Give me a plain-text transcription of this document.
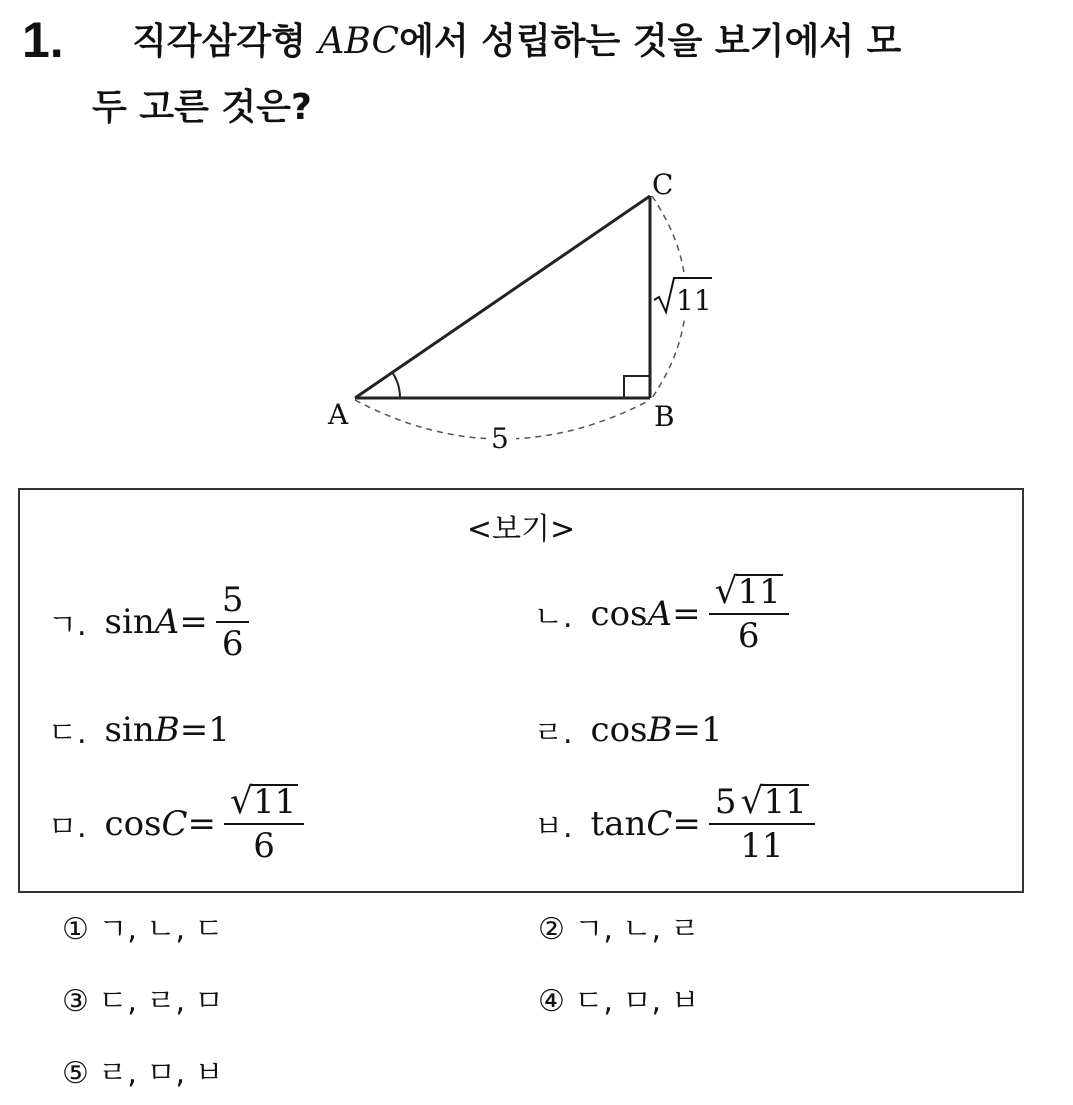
1. 직각삼각형 ABC에서 성립하는 것을 보기에서 모
두 고른 것은?
A	B
C
5
11
<보기>
ㄱ. $\sin A = \frac{5}{6}$	ㄴ. $\cos A = \frac{√ 11}{6}$
ㄷ. sin B = 1	ㄹ. cos B = 1
ㅁ. $\cos C = \frac{√ 11}{6}$	ㅂ. $\tan C = \frac{5 √ 11}{11}$
① ㄱ, ㄴ, ㄷ	② ㄱ, ㄴ, ㄹ
③ ㄷ, ㄹ, ㅁ	④ ㄷ, ㅁ, ㅂ
⑤ ㄹ, ㅁ, ㅂ
